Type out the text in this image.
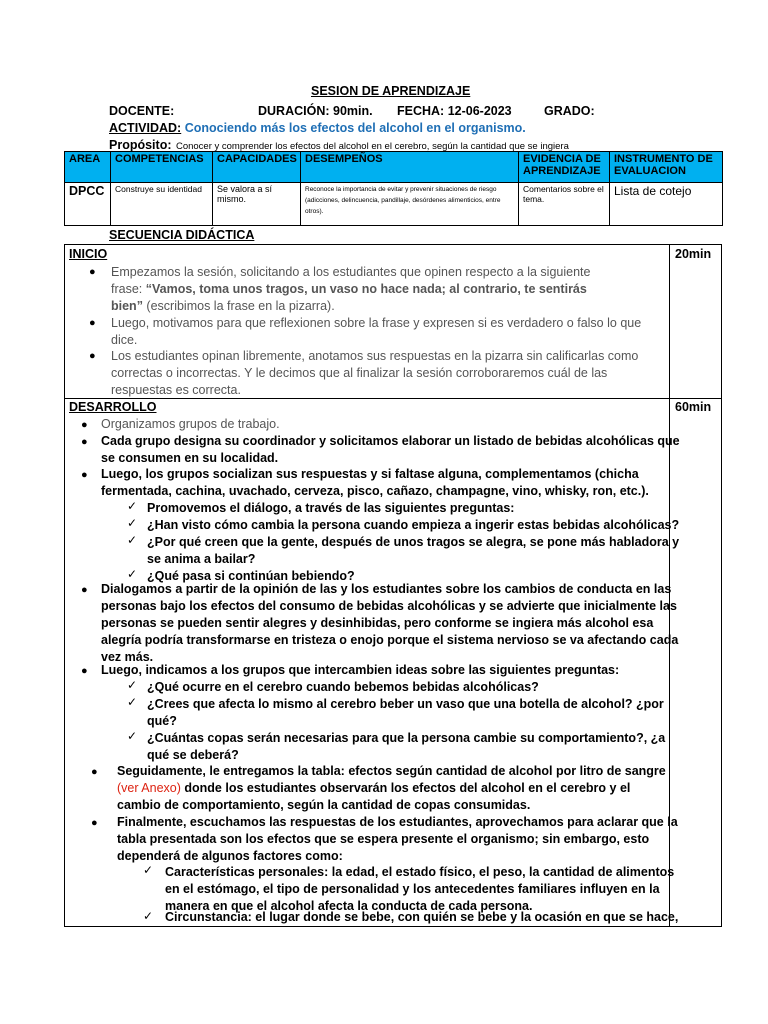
SESION DE APRENDIZAJE
DOCENTE:	DURACIÓN: 90min. FECHA: 12-06-2023	GRADO:
ACTIVIDAD: Conociendo más los efectos del alcohol en el organismo.
Propósito: Conocer y comprender los efectos del alcohol en el cerebro, según la cantidad que se ingiera
AREA	COMPETENCIAS	CAPACIDADES	DESEMPEÑOS	EVIDENCIA DE APRENDIZAJE	INSTRUMENTO DE EVALUACION
DPCC	Construye su identidad	Se valora a sí mismo.	Reconoce la importancia de evitar y prevenir situaciones de riesgo (adicciones, delincuencia, pandillaje, desórdenes alimenticios, entre otros).	Comentarios sobre el tema.	Lista de cotejo
SECUENCIA DIDÁCTICA
INICIO	20min
● Empezamos la sesión, solicitando a los estudiantes que opinen respecto a la siguiente
frase: “Vamos, toma unos tragos, un vaso no hace nada; al contrario, te sentirás
bien” (escribimos la frase en la pizarra).
● Luego, motivamos para que reflexionen sobre la frase y expresen si es verdadero o falso lo que
dice.
● Los estudiantes opinan libremente, anotamos sus respuestas en la pizarra sin calificarlas como
correctas o incorrectas. Y le decimos que al finalizar la sesión corroboraremos cuál de las
respuestas es correcta.
DESARROLLO	60min
● Organizamos grupos de trabajo.
● Cada grupo designa su coordinador y solicitamos elaborar un listado de bebidas alcohólicas que
se consumen en su localidad.
● Luego, los grupos socializan sus respuestas y si faltase alguna, complementamos (chicha
fermentada, cachina, uvachado, cerveza, pisco, cañazo, champagne, vino, whisky, ron, etc.).
✓ Promovemos el diálogo, a través de las siguientes preguntas:
✓ ¿Han visto cómo cambia la persona cuando empieza a ingerir estas bebidas alcohólicas?
✓ ¿Por qué creen que la gente, después de unos tragos se alegra, se pone más habladora y
se anima a bailar?
✓ ¿Qué pasa si continúan bebiendo?
● Dialogamos a partir de la opinión de las y los estudiantes sobre los cambios de conducta en las
personas bajo los efectos del consumo de bebidas alcohólicas y se advierte que inicialmente las
personas se pueden sentir alegres y desinhibidas, pero conforme se ingiera más alcohol esa
alegría podría transformarse en tristeza o enojo porque el sistema nervioso se va afectando cada
vez más.
● Luego, indicamos a los grupos que intercambien ideas sobre las siguientes preguntas:
✓ ¿Qué ocurre en el cerebro cuando bebemos bebidas alcohólicas?
✓ ¿Crees que afecta lo mismo al cerebro beber un vaso que una botella de alcohol? ¿por
qué?
✓ ¿Cuántas copas serán necesarias para que la persona cambie su comportamiento?, ¿a
qué se deberá?
● Seguidamente, le entregamos la tabla: efectos según cantidad de alcohol por litro de sangre
(ver Anexo) donde los estudiantes observarán los efectos del alcohol en el cerebro y el
cambio de comportamiento, según la cantidad de copas consumidas.
● Finalmente, escuchamos las respuestas de los estudiantes, aprovechamos para aclarar que la
tabla presentada son los efectos que se espera presente el organismo; sin embargo, esto
dependerá de algunos factores como:
✓ Características personales: la edad, el estado físico, el peso, la cantidad de alimentos
en el estómago, el tipo de personalidad y los antecedentes familiares influyen en la
manera en que el alcohol afecta la conducta de cada persona.
✓ Circunstancia: el lugar donde se bebe, con quién se bebe y la ocasión en que se hace,
